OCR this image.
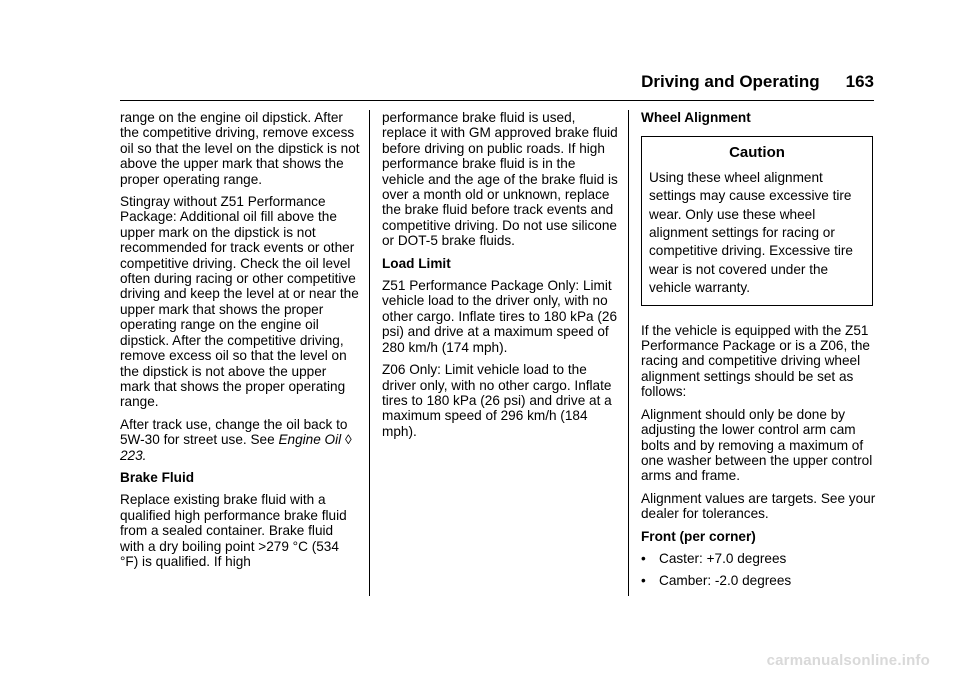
Driving and Operating 163

range on the engine oil dipstick. After the competitive driving, remove excess oil so that the level on the dipstick is not above the upper mark that shows the proper operating range.

Stingray without Z51 Performance Package: Additional oil fill above the upper mark on the dipstick is not recommended for track events or other competitive driving. Check the oil level often during racing or other competitive driving and keep the level at or near the upper mark that shows the proper operating range on the engine oil dipstick. After the competitive driving, remove excess oil so that the level on the dipstick is not above the upper mark that shows the proper operating range.

After track use, change the oil back to 5W-30 for street use. See Engine Oil ◊ 223.

Brake Fluid

Replace existing brake fluid with a qualified high performance brake fluid from a sealed container. Brake fluid with a dry boiling point >279 °C (534 °F) is qualified. If high

performance brake fluid is used, replace it with GM approved brake fluid before driving on public roads. If high performance brake fluid is in the vehicle and the age of the brake fluid is over a month old or unknown, replace the brake fluid before track events and competitive driving. Do not use silicone or DOT-5 brake fluids.

Load Limit

Z51 Performance Package Only: Limit vehicle load to the driver only, with no other cargo. Inflate tires to 180 kPa (26 psi) and drive at a maximum speed of 280 km/h (174 mph).

Z06 Only: Limit vehicle load to the driver only, with no other cargo. Inflate tires to 180 kPa (26 psi) and drive at a maximum speed of 296 km/h (184 mph).

Wheel Alignment
Caution
Using these wheel alignment settings may cause excessive tire wear. Only use these wheel alignment settings for racing or competitive driving. Excessive tire wear is not covered under the vehicle warranty.

If the vehicle is equipped with the Z51 Performance Package or is a Z06, the racing and competitive driving wheel alignment settings should be set as follows:

Alignment should only be done by adjusting the lower control arm cam bolts and by removing a maximum of one washer between the upper control arms and frame.

Alignment values are targets. See your dealer for tolerances.

Front (per corner)
• Caster: +7.0 degrees
• Camber: -2.0 degrees
carmanualsonline.info
